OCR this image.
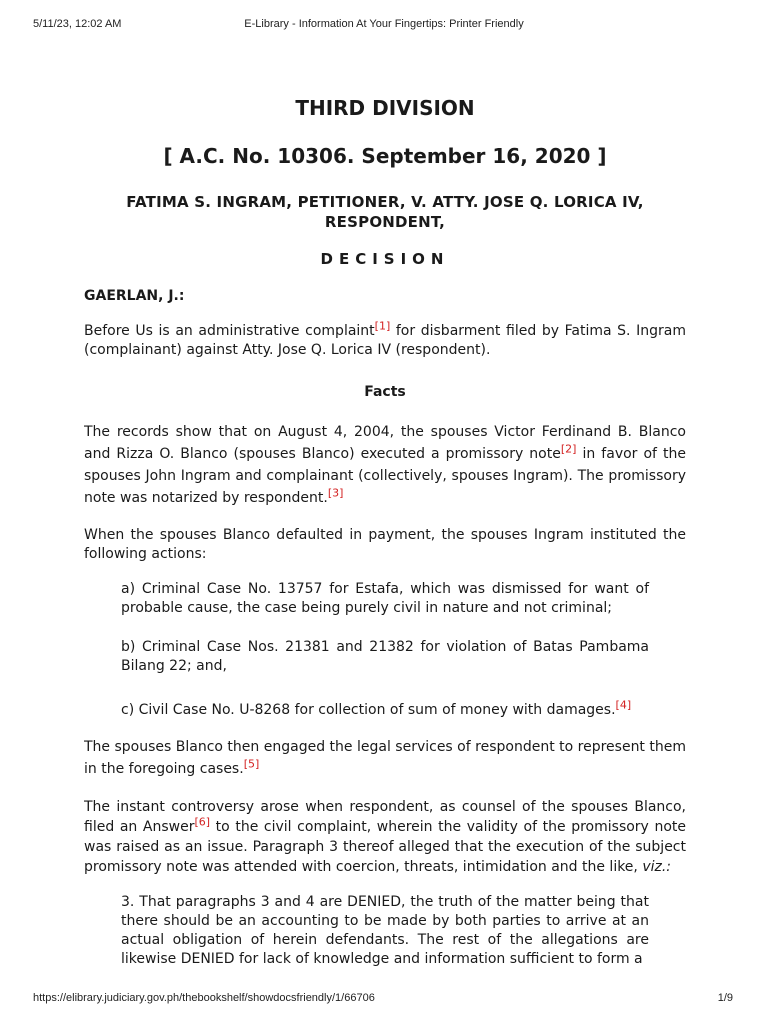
5/11/23, 12:02 AM	E-Library - Information At Your Fingertips: Printer Friendly
THIRD DIVISION
[ A.C. No. 10306. September 16, 2020 ]
FATIMA S. INGRAM, PETITIONER, V. ATTY. JOSE Q. LORICA IV,
RESPONDENT,
DECISION
GAERLAN, J.:

Before Us is an administrative complaint[1] for disbarment filed by Fatima S. Ingram (complainant) against Atty. Jose Q. Lorica IV (respondent).

Facts

The records show that on August 4, 2004, the spouses Victor Ferdinand B. Blanco and Rizza O. Blanco (spouses Blanco) executed a promissory note[2] in favor of the spouses John Ingram and complainant (collectively, spouses Ingram). The promissory note was notarized by respondent.[3]

When the spouses Blanco defaulted in payment, the spouses Ingram instituted the following actions:

a) Criminal Case No. 13757 for Estafa, which was dismissed for want of probable cause, the case being purely civil in nature and not criminal;

b) Criminal Case Nos. 21381 and 21382 for violation of Batas Pambama Bilang 22; and,

c) Civil Case No. U-8268 for collection of sum of money with damages.[4]

The spouses Blanco then engaged the legal services of respondent to represent them in the foregoing cases.[5]

The instant controversy arose when respondent, as counsel of the spouses Blanco, filed an Answer[6] to the civil complaint, wherein the validity of the promissory note was raised as an issue. Paragraph 3 thereof alleged that the execution of the subject promissory note was attended with coercion, threats, intimidation and the like, viz.:

3. That paragraphs 3 and 4 are DENIED, the truth of the matter being that there should be an accounting to be made by both parties to arrive at an actual obligation of herein defendants. The rest of the allegations are likewise DENIED for lack of knowledge and information sufficient to form a

https://elibrary.judiciary.gov.ph/thebookshelf/showdocsfriendly/1/66706	1/9
